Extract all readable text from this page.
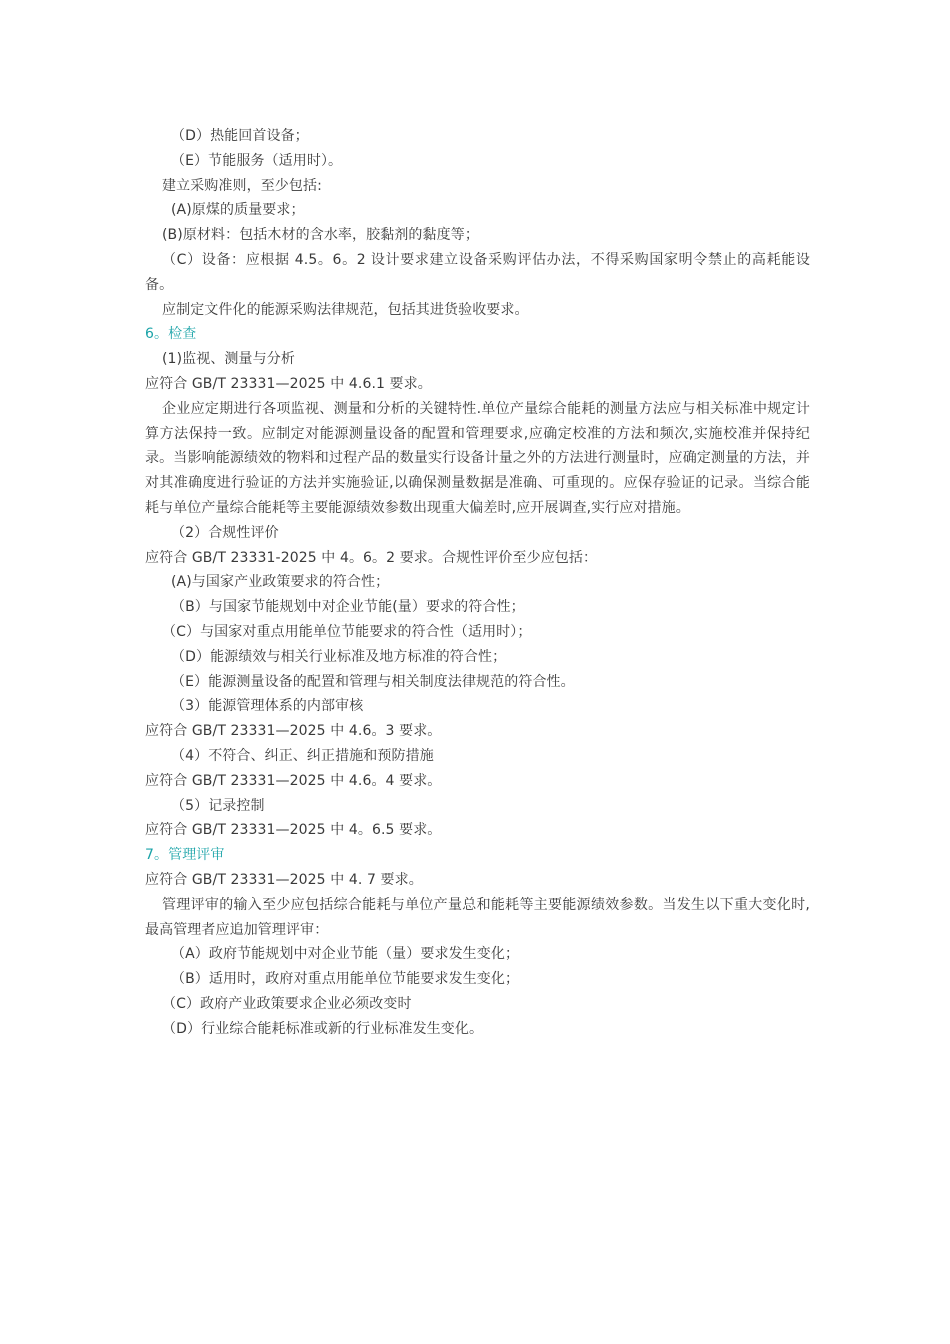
（D）热能回首设备；

（E）节能服务（适用时）。

建立采购准则，至少包括:

(A)原煤的质量要求；

(B)原材料：包括木材的含水率，胶黏剂的黏度等；

（C）设备：应根据 4.5。6。2 设计要求建立设备采购评估办法，不得采购国家明令禁止的高耗能设备。

应制定文件化的能源采购法律规范，包括其进货验收要求。

6。检查

(1)监视、测量与分析

应符合 GB/T 23331—2025 中 4.6.1 要求。

企业应定期进行各项监视、测量和分析的关键特性.单位产量综合能耗的测量方法应与相关标准中规定计算方法保持一致。应制定对能源测量设备的配置和管理要求,应确定校准的方法和频次,实施校准并保持纪录。当影响能源绩效的物料和过程产品的数量实行设备计量之外的方法进行测量时，应确定测量的方法，并对其准确度进行验证的方法并实施验证,以确保测量数据是准确、可重现的。应保存验证的记录。当综合能耗与单位产量综合能耗等主要能源绩效参数出现重大偏差时,应开展调查,实行应对措施。

（2）合规性评价

应符合 GB/T 23331-2025 中 4。6。2 要求。合规性评价至少应包括：

(A)与国家产业政策要求的符合性；

（B）与国家节能规划中对企业节能(量）要求的符合性；

（C）与国家对重点用能单位节能要求的符合性（适用时）；

（D）能源绩效与相关行业标准及地方标准的符合性；

（E）能源测量设备的配置和管理与相关制度法律规范的符合性。

（3）能源管理体系的内部审核

应符合 GB/T 23331—2025 中 4.6。3 要求。

（4）不符合、纠正、纠正措施和预防措施

应符合 GB/T 23331—2025 中 4.6。4 要求。

（5）记录控制

应符合 GB/T 23331—2025 中 4。6.5 要求。

7。管理评审

应符合 GB/T 23331—2025 中 4. 7 要求。

管理评审的输入至少应包括综合能耗与单位产量总和能耗等主要能源绩效参数。当发生以下重大变化时,最高管理者应追加管理评审：

（A）政府节能规划中对企业节能（量）要求发生变化；

（B）适用时，政府对重点用能单位节能要求发生变化；

（C）政府产业政策要求企业必须改变时

（D）行业综合能耗标准或新的行业标准发生变化。
